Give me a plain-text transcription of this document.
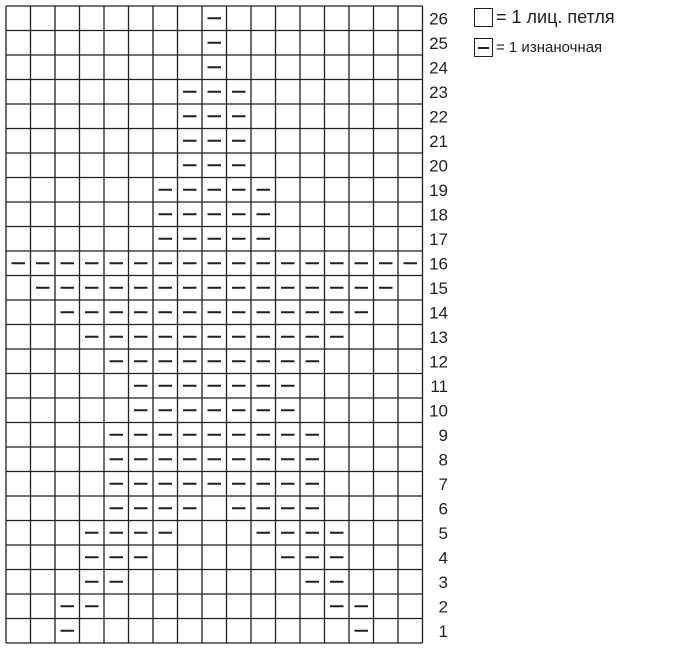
26
25
24
23
22
21
20
19
18
17
16
15
14
13
12
11
10
9
8
7
6
5
4
3
2
1
= 1 лиц. петля
= 1 изнаночная
